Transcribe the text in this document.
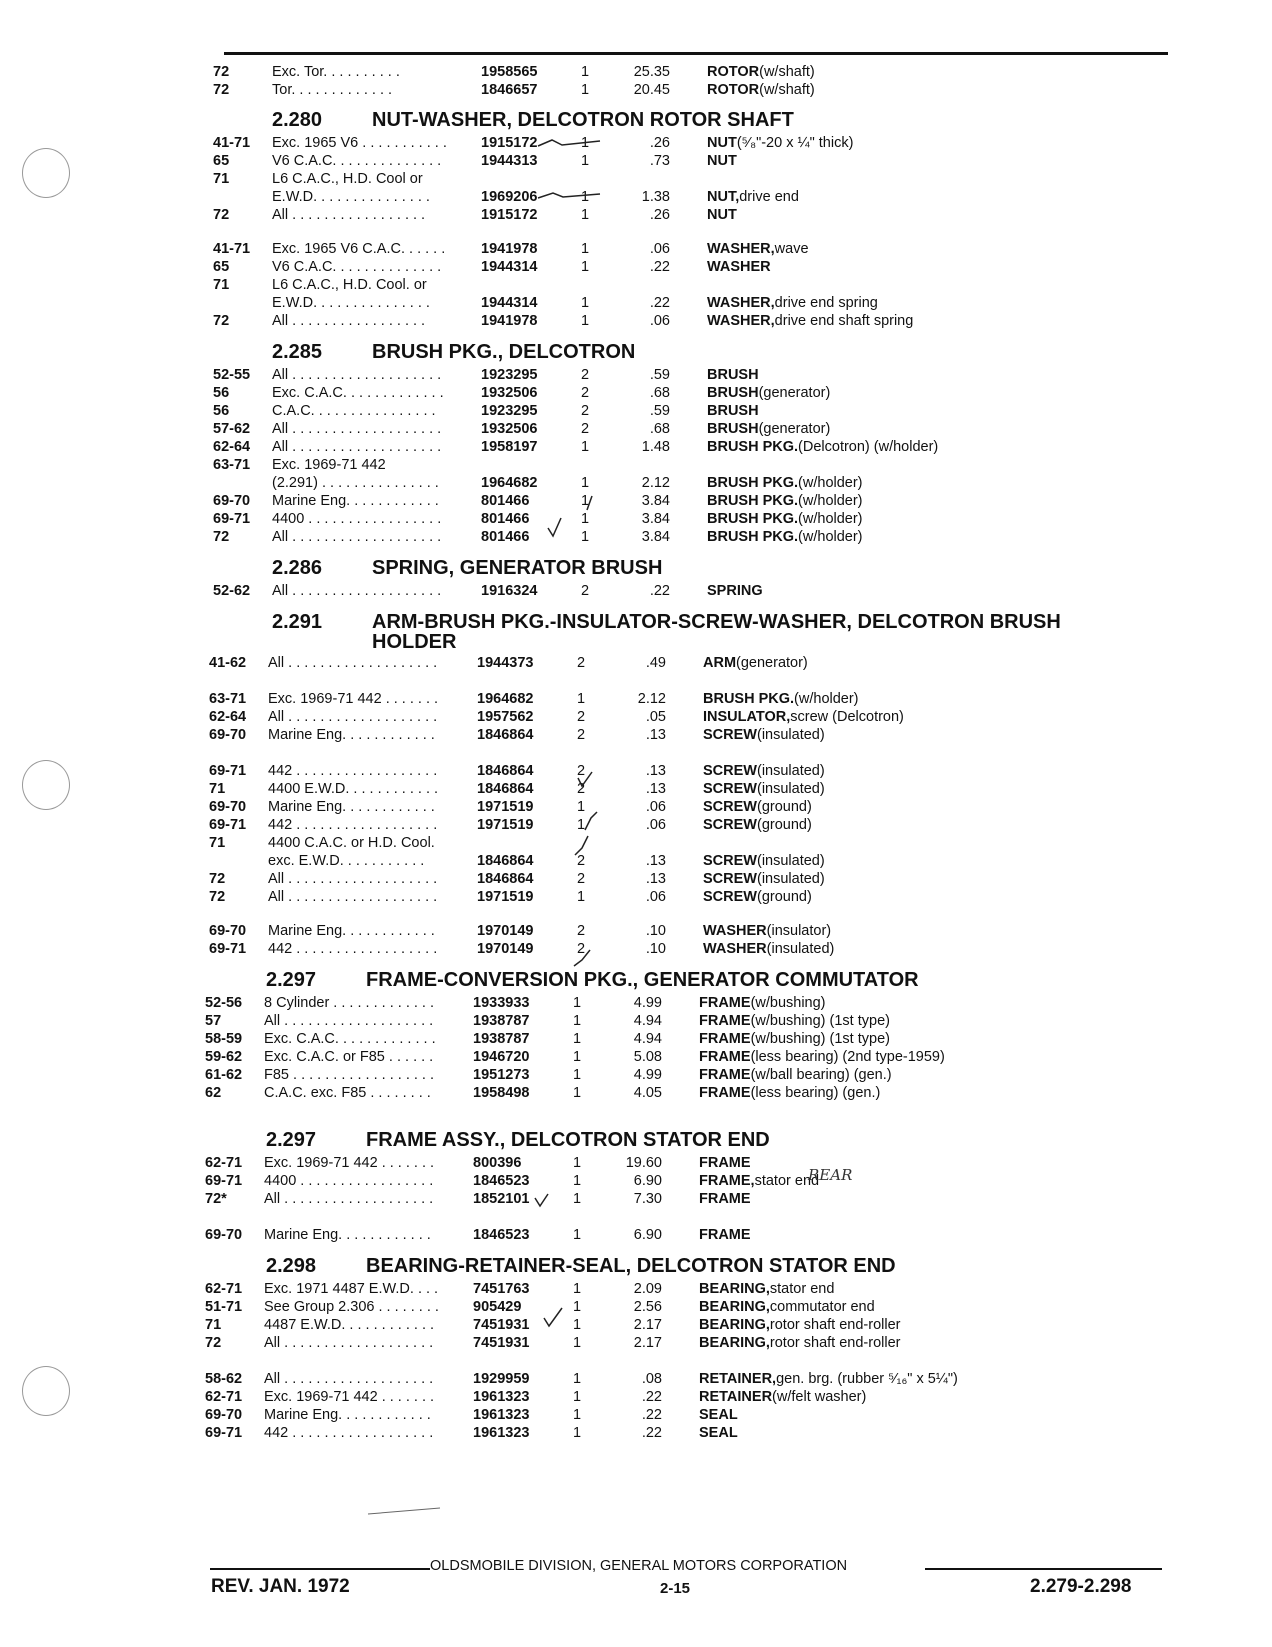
72	Exc. Tor. . . . . . . . . .	1958565	1	25.35	ROTOR (w/shaft)
72	Tor. . . . . . . . . . . . .	1846657	1	20.45	ROTOR (w/shaft)
2.280 NUT-WASHER, DELCOTRON ROTOR SHAFT
41-71 Exc. 1965 V6 . . . . . . . . . . .	1915172	1	.26	NUT (⁵⁄₈"-20 x ¼" thick)
65	V6 C.A.C. . . . . . . . . . . . . .	1944313	1	.73	NUT
71	L6 C.A.C., H.D. Cool or
E.W.D. . . . . . . . . . . . . . .	1969206	1	1.38	NUT, drive end
72	All . . . . . . . . . . . . . . . . .	1915172	1	.26	NUT
41-71 Exc. 1965 V6 C.A.C. . . . . .	1941978	1	.06	WASHER, wave
65	V6 C.A.C. . . . . . . . . . . . . .	1944314	1	.22	WASHER
71	L6 C.A.C., H.D. Cool. or
E.W.D. . . . . . . . . . . . . . .	1944314	1	.22	WASHER, drive end spring
72	All . . . . . . . . . . . . . . . . .	1941978	1	.06	WASHER, drive end shaft spring
2.285 BRUSH PKG., DELCOTRON
52-55 All . . . . . . . . . . . . . . . . . . .	1923295	2	.59	BRUSH
56	Exc. C.A.C. . . . . . . . . . . . .	1932506	2	.68	BRUSH (generator)
56	C.A.C. . . . . . . . . . . . . . . .	1923295	2	.59	BRUSH
57-62 All . . . . . . . . . . . . . . . . . . .	1932506	2	.68	BRUSH (generator)
62-64 All . . . . . . . . . . . . . . . . . . .	1958197	1	1.48	BRUSH PKG. (Delcotron) (w/holder)
63-71 Exc. 1969-71 442
(2.291) . . . . . . . . . . . . . . .	1964682	1	2.12	BRUSH PKG. (w/holder)
69-70 Marine Eng. . . . . . . . . . . .	801466	1	3.84	BRUSH PKG. (w/holder)
69-71 4400 . . . . . . . . . . . . . . . . .	801466	1	3.84	BRUSH PKG. (w/holder)
72	All . . . . . . . . . . . . . . . . . . .	801466	1	3.84	BRUSH PKG. (w/holder)
2.286 SPRING, GENERATOR BRUSH
52-62 All . . . . . . . . . . . . . . . . . . .	1916324	2	.22	SPRING
2.291 ARM-BRUSH PKG.-INSULATOR-SCREW-WASHER, DELCOTRON BRUSH
HOLDER
41-62 All . . . . . . . . . . . . . . . . . . .	1944373	2	.49	ARM (generator)
63-71 Exc. 1969-71 442 . . . . . . .	1964682	1	2.12	BRUSH PKG. (w/holder)
62-64 All . . . . . . . . . . . . . . . . . . .	1957562	2	.05	INSULATOR, screw (Delcotron)
69-70 Marine Eng. . . . . . . . . . . .	1846864	2	.13	SCREW (insulated)
69-71 442 . . . . . . . . . . . . . . . . . .	1846864	2	.13	SCREW (insulated)
71	4400 E.W.D. . . . . . . . . . . .	1846864	2	.13	SCREW (insulated)
69-70 Marine Eng. . . . . . . . . . . .	1971519	1	.06	SCREW (ground)
69-71 442 . . . . . . . . . . . . . . . . . .	1971519	1	.06	SCREW (ground)
71	4400 C.A.C. or H.D. Cool.
exc. E.W.D. . . . . . . . . . .	1846864	2	.13	SCREW (insulated)
72	All . . . . . . . . . . . . . . . . . . .	1846864	2	.13	SCREW (insulated)
72	All . . . . . . . . . . . . . . . . . . .	1971519	1	.06	SCREW (ground)
69-70 Marine Eng. . . . . . . . . . . .	1970149	2	.10	WASHER (insulator)
69-71 442 . . . . . . . . . . . . . . . . . .	1970149	2	.10	WASHER (insulated)
2.297 FRAME-CONVERSION PKG., GENERATOR COMMUTATOR
52-56 8 Cylinder . . . . . . . . . . . . .	1933933	1	4.99	FRAME (w/bushing)
57	All . . . . . . . . . . . . . . . . . . .	1938787	1	4.94	FRAME (w/bushing) (1st type)
58-59 Exc. C.A.C. . . . . . . . . . . . .	1938787	1	4.94	FRAME (w/bushing) (1st type)
59-62 Exc. C.A.C. or F85 . . . . . .	1946720	1	5.08	FRAME (less bearing) (2nd type-1959)
61-62 F85 . . . . . . . . . . . . . . . . . .	1951273	1	4.99	FRAME (w/ball bearing) (gen.)
62	C.A.C. exc. F85 . . . . . . . .	1958498	1	4.05	FRAME (less bearing) (gen.)
2.297 FRAME ASSY., DELCOTRON STATOR END
62-71 Exc. 1969-71 442 . . . . . . .	800396	1	19.60	FRAME
69-71 4400 . . . . . . . . . . . . . . . . .	1846523	1	6.90	FRAME, stator end
72*	All . . . . . . . . . . . . . . . . . . .	1852101	1	7.30	FRAME
69-70 Marine Eng. . . . . . . . . . . .	1846523	1	6.90	FRAME
2.298 BEARING-RETAINER-SEAL, DELCOTRON STATOR END
62-71 Exc. 1971 4487 E.W.D. . . .	7451763	1	2.09	BEARING, stator end
51-71 See Group 2.306 . . . . . . . .	905429	1	2.56	BEARING, commutator end
71	4487 E.W.D. . . . . . . . . . . .	7451931	1	2.17	BEARING, rotor shaft end-roller
72	All . . . . . . . . . . . . . . . . . . .	7451931	1	2.17	BEARING, rotor shaft end-roller
58-62 All . . . . . . . . . . . . . . . . . . .	1929959	1	.08	RETAINER, gen. brg. (rubber ⁵⁄₁₆" x 5¼")
62-71 Exc. 1969-71 442 . . . . . . .	1961323	1	.22	RETAINER (w/felt washer)
69-70 Marine Eng. . . . . . . . . . . .	1961323	1	.22	SEAL
69-71 442 . . . . . . . . . . . . . . . . . .	1961323	1	.22	SEAL
REAR
OLDSMOBILE DIVISION, GENERAL MOTORS CORPORATION
REV. JAN. 1972	2-15	2.279-2.298
